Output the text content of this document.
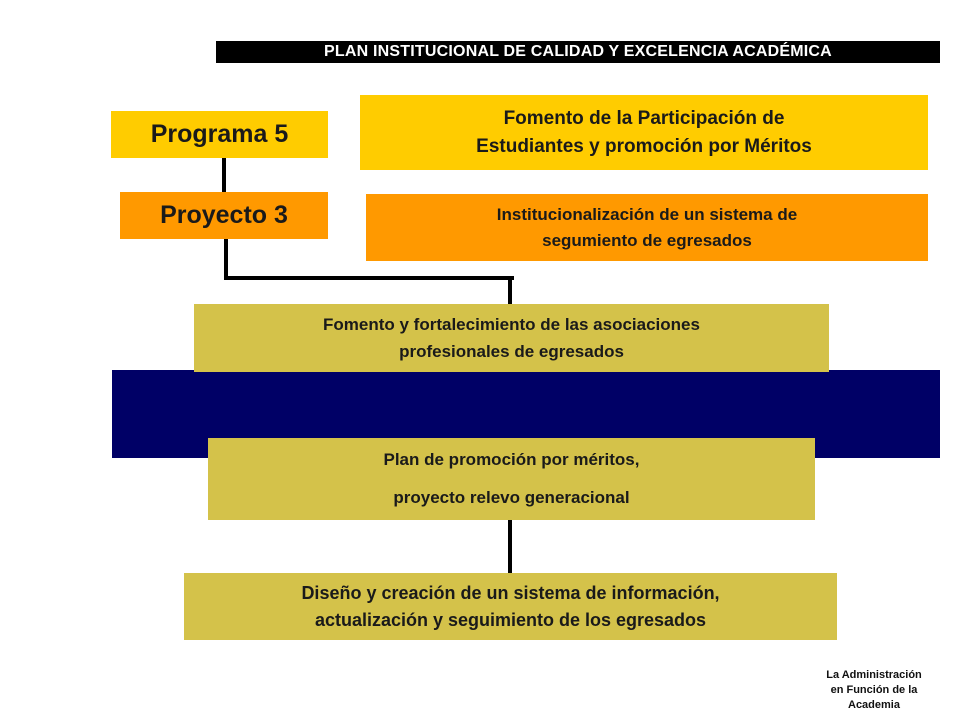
PLAN INSTITUCIONAL DE CALIDAD Y EXCELENCIA ACADÉMICA
Programa 5
Fomento de la Participación de
Estudiantes y promoción por Méritos
Proyecto 3	Institucionalización de un sistema de
segumiento de egresados
Fomento y fortalecimiento de las asociaciones
profesionales de egresados
Plan de promoción por méritos,
proyecto relevo generacional
Diseño y creación de un sistema de información,
actualización y seguimiento de los egresados
La Administración
en Función de la
Academia
